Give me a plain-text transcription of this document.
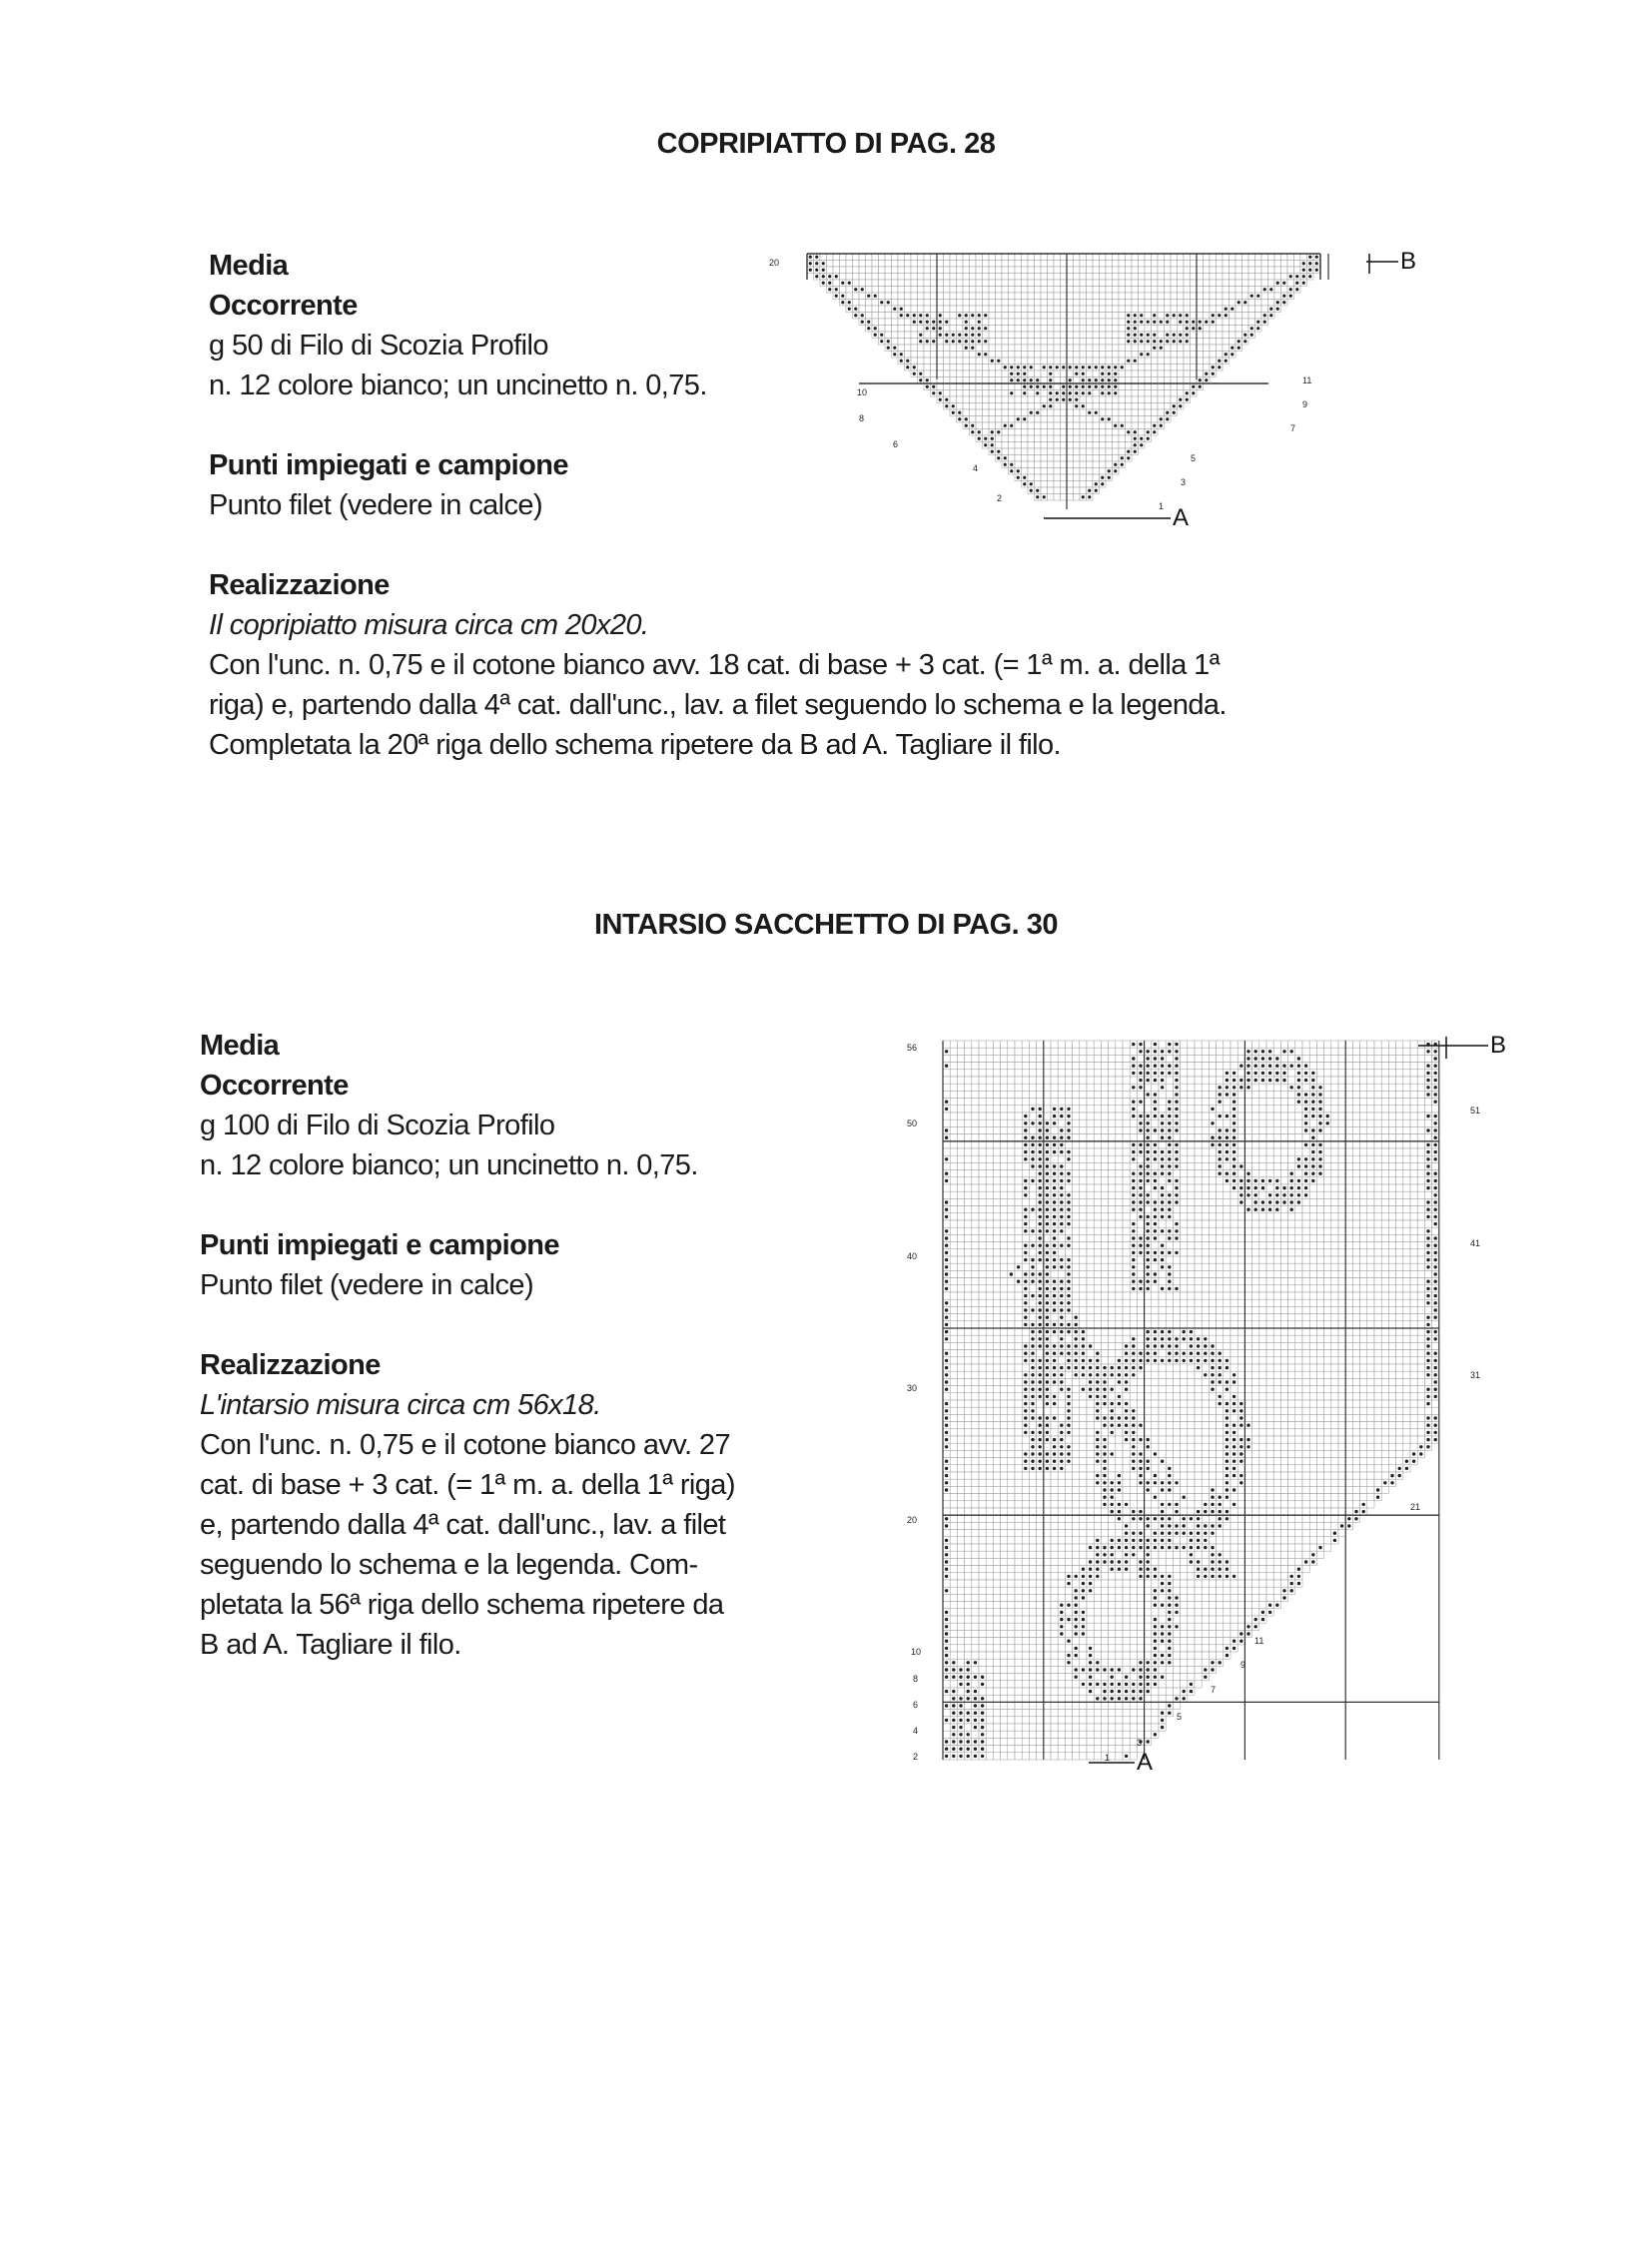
COPRIPIATTO DI PAG. 28
Media
Occorrente
g 50 di Filo di Scozia Profilo
n. 12 colore bianco; un uncinetto n. 0,75.
Punti impiegati e campione
Punto filet (vedere in calce)
Realizzazione
Il copripiatto misura circa cm 20x20.
Con l'unc. n. 0,75 e il cotone bianco avv. 18 cat. di base + 3 cat. (= 1ª m. a. della 1ª
riga) e, partendo dalla 4ª cat. dall'unc., lav. a filet seguendo lo schema e la legenda.
Completata la 20ª riga dello schema ripetere da B ad A. Tagliare il filo.
B
A
20
10
8
6
4
2
11
9
7
5
3
1
INTARSIO SACCHETTO DI PAG. 30
Media
Occorrente
g 100 di Filo di Scozia Profilo
n. 12 colore bianco; un uncinetto n. 0,75.
Punti impiegati e campione
Punto filet (vedere in calce)
Realizzazione
L'intarsio misura circa cm 56x18.
Con l'unc. n. 0,75 e il cotone bianco avv. 27
cat. di base + 3 cat. (= 1ª m. a. della 1ª riga)
e, partendo dalla 4ª cat. dall'unc., lav. a filet
seguendo lo schema e la legenda. Com-
pletata la 56ª riga dello schema ripetere da
B ad A. Tagliare il filo.
B
A
56
50
40
30
20
10
8
6
4
2
51
41
31
21
11
9
7
5
3
1
